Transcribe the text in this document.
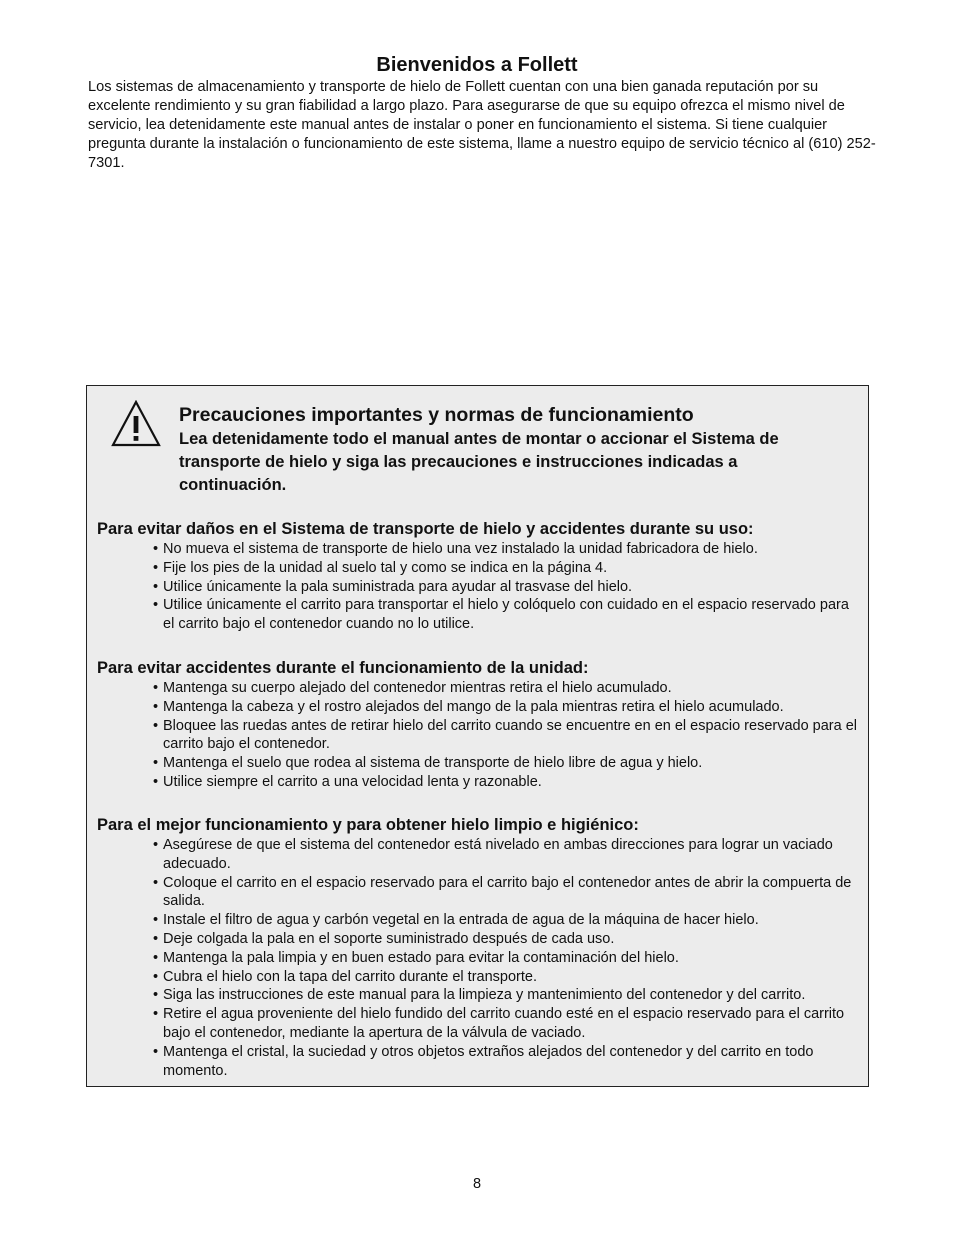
Bienvenidos a Follett

Los sistemas de almacenamiento y transporte de hielo de Follett cuentan con una bien ganada reputación por su excelente rendimiento y su gran fiabilidad a largo plazo. Para asegurarse de que su equipo ofrezca el mismo nivel de servicio, lea detenidamente este manual antes de instalar o poner en funcionamiento el sistema. Si tiene cualquier pregunta durante la instalación o funcionamiento de este sistema, llame a nuestro equipo de servicio técnico al (610) 252-7301.

Precauciones importantes y normas de funcionamiento

Lea detenidamente todo el manual antes de montar o accionar el Sistema de transporte de hielo y siga las precauciones e instrucciones indicadas a continuación.

Para evitar daños en el Sistema de transporte de hielo y accidentes durante su uso:

• No mueva el sistema de transporte de hielo una vez instalado la unidad fabricadora de hielo.
• Fije los pies de la unidad al suelo tal y como se indica en la página 4.
• Utilice únicamente la pala suministrada para ayudar al trasvase del hielo.
• Utilice únicamente el carrito para transportar el hielo y colóquelo con cuidado en el espacio reservado para el carrito bajo el contenedor cuando no lo utilice.

Para evitar accidentes durante el funcionamiento de la unidad:

• Mantenga su cuerpo alejado del contenedor mientras retira el hielo acumulado.
• Mantenga la cabeza y el rostro alejados del mango de la pala mientras retira el hielo acumulado.
• Bloquee las ruedas antes de retirar hielo del carrito cuando se encuentre en en el espacio reservado para el carrito bajo el contenedor.
• Mantenga el suelo que rodea al sistema de transporte de hielo libre de agua y hielo.
• Utilice siempre el carrito a una velocidad lenta y razonable.

Para el mejor funcionamiento y para obtener hielo limpio e higiénico:

• Asegúrese de que el sistema del contenedor está nivelado en ambas direcciones para lograr un vaciado adecuado.
• Coloque el carrito en el espacio reservado para el carrito bajo el contenedor antes de abrir la compuerta de salida.
• Instale el filtro de agua y carbón vegetal en la entrada de agua de la máquina de hacer hielo.
• Deje colgada la pala en el soporte suministrado después de cada uso.
• Mantenga la pala limpia y en buen estado para evitar la contaminación del hielo.
• Cubra el hielo con la tapa del carrito durante el transporte.
• Siga las instrucciones de este manual para la limpieza y mantenimiento del contenedor y del carrito.
• Retire el agua proveniente del hielo fundido del carrito cuando esté en el espacio reservado para el carrito bajo el contenedor, mediante la apertura de la válvula de vaciado.
• Mantenga el cristal, la suciedad y otros objetos extraños alejados del contenedor y del carrito en todo momento.
8
